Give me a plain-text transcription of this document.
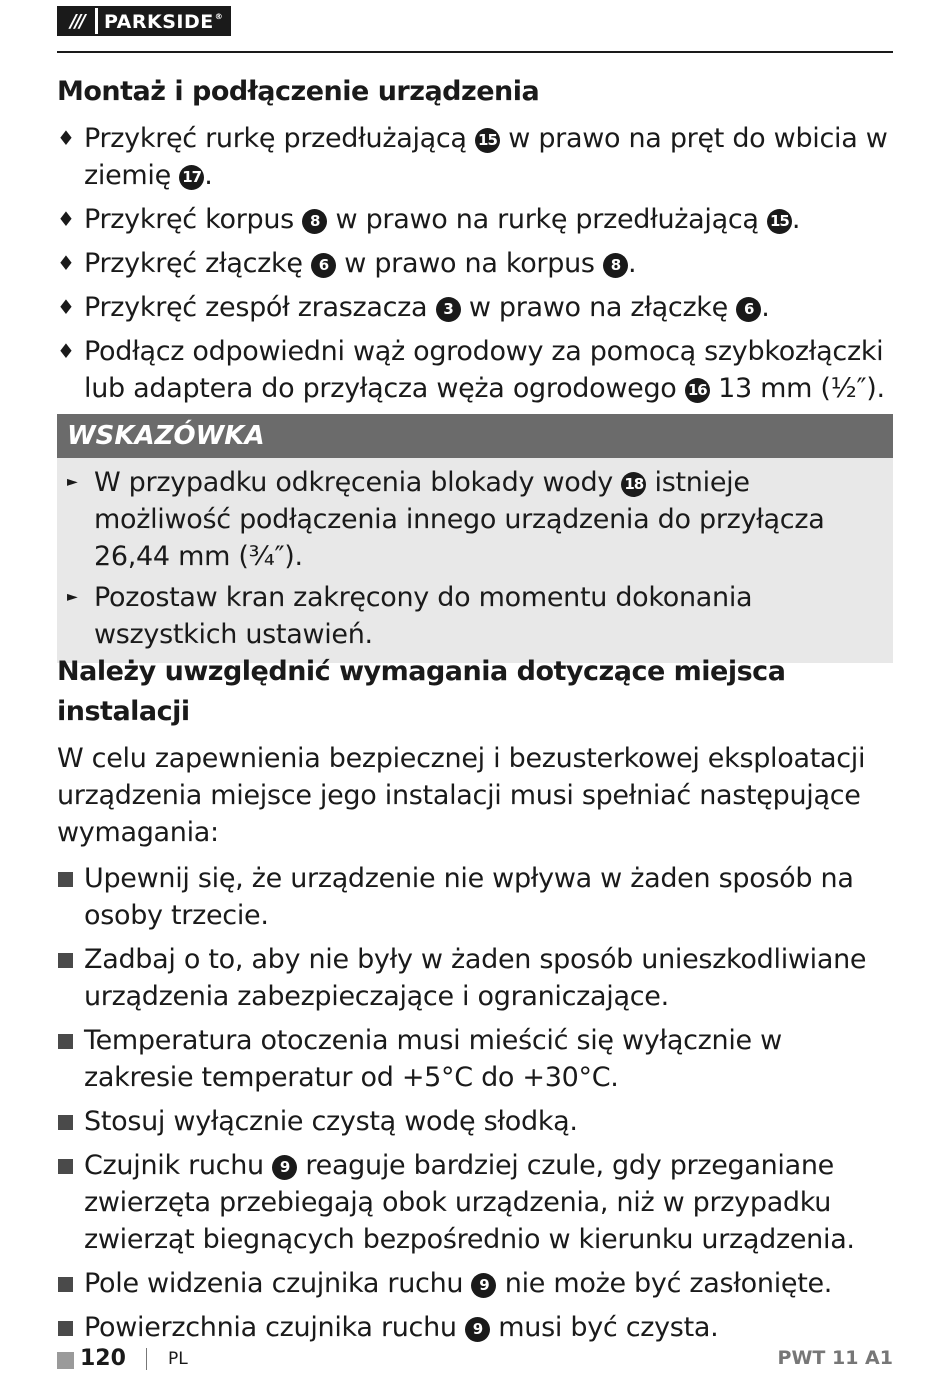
///	PARKSIDE®
Montaż i podłączenie urządzenia
♦ Przykręć rurkę przedłużającą 15 w prawo na pręt do wbicia w ziemię 17 .
♦ Przykręć korpus 8 w prawo na rurkę przedłużającą 15 .
♦ Przykręć złączkę 6 w prawo na korpus 8 .
♦ Przykręć zespół zraszacza 3 w prawo na złączkę 6 .
♦ Podłącz odpowiedni wąż ogrodowy za pomocą szybkozłączki lub adaptera do przyłącza węża ogrodowego 16 13 mm (½″).
WSKAZÓWKA
► W przypadku odkręcenia blokady wody 18 istnieje możliwość podłączenia innego urządzenia do przyłącza 26,44 mm (¾″).
► Pozostaw kran zakręcony do momentu dokonania wszystkich ustawień.
Należy uwzględnić wymagania dotyczące miejsca instalacji

W celu zapewnienia bezpiecznej i bezusterkowej eksploatacji urządzenia miejsce jego instalacji musi spełniać następujące wymagania:

Upewnij się, że urządzenie nie wpływa w żaden sposób na osoby trzecie.
Zadbaj o to, aby nie były w żaden sposób unieszkodliwiane urządzenia zabezpieczające i ograniczające.
Temperatura otoczenia musi mieścić się wyłącznie w zakresie temperatur od +5°C do +30°C.
Stosuj wyłącznie czystą wodę słodką.
Czujnik ruchu 9 reaguje bardziej czule, gdy przeganiane zwierzęta przebiegają obok urządzenia, niż w przypadku zwierząt biegnących bezpośrednio w kierunku urządzenia.
Pole widzenia czujnika ruchu 9 nie może być zasłonięte.
Powierzchnia czujnika ruchu 9 musi być czysta.
120 PL	PWT 11 A1
